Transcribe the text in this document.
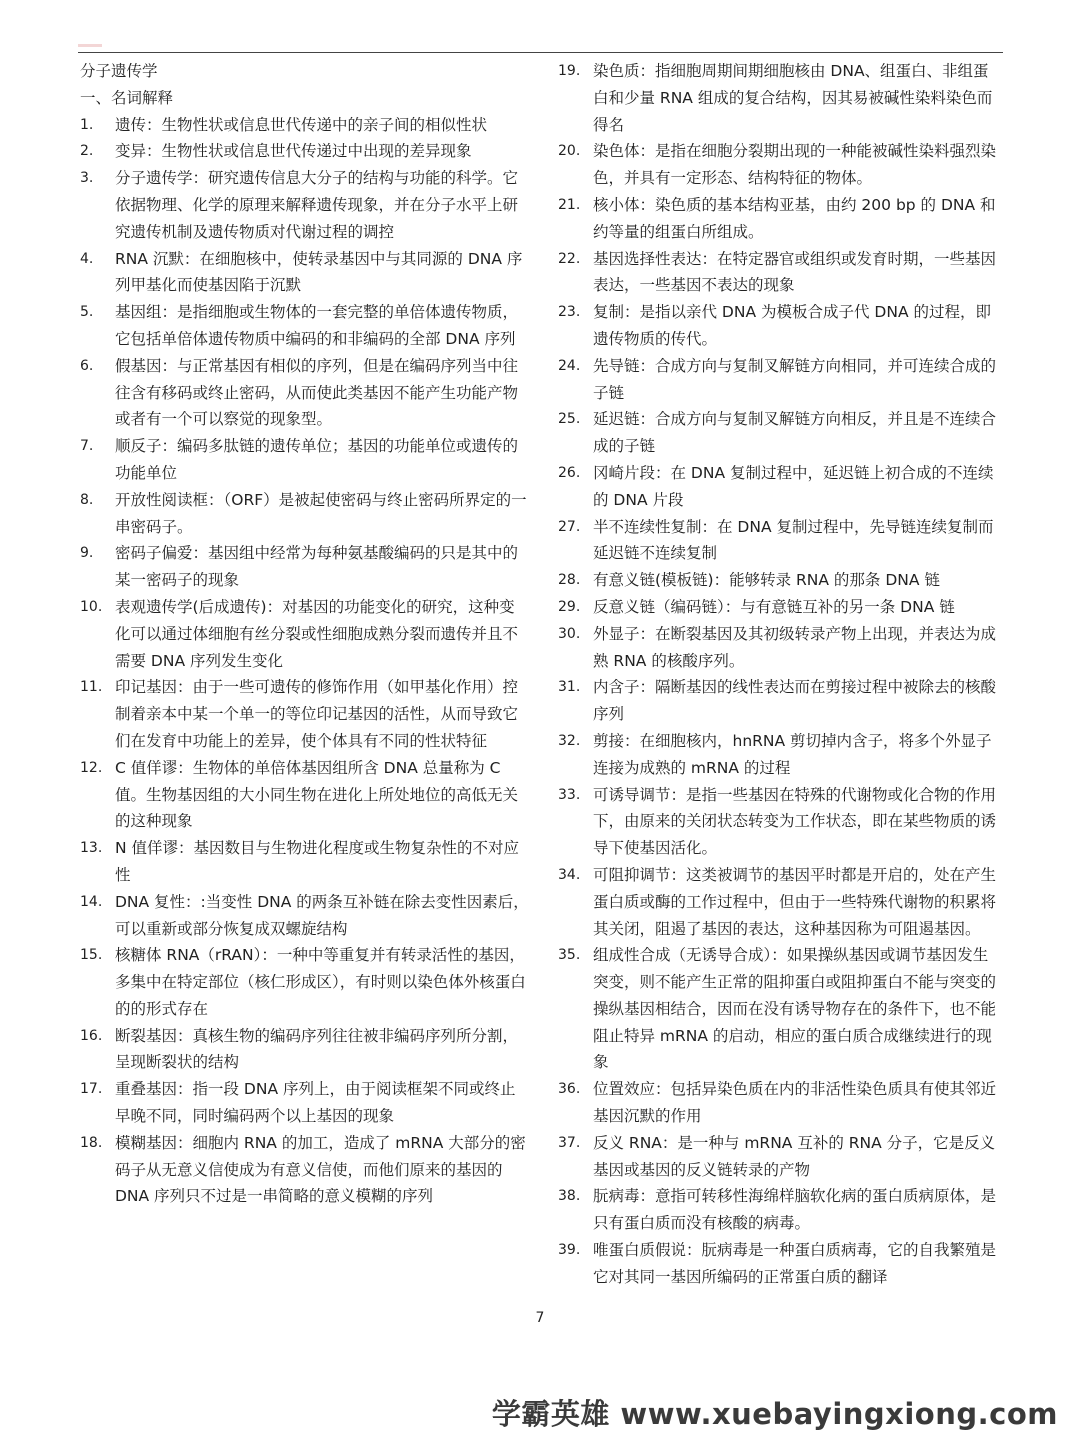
分子遗传学
一、名词解释
1. 遗传：生物性状或信息世代传递中的亲子间的相似性状
2. 变异：生物性状或信息世代传递过中出现的差异现象
3. 分子遗传学：研究遗传信息大分子的结构与功能的科学。它依据物理、化学的原理来解释遗传现象，并在分子水平上研究遗传机制及遗传物质对代谢过程的调控
4. RNA 沉默：在细胞核中，使转录基因中与其同源的 DNA 序列甲基化而使基因陷于沉默
5. 基因组：是指细胞或生物体的一套完整的单倍体遗传物质，它包括单倍体遗传物质中编码的和非编码的全部 DNA 序列
6. 假基因：与正常基因有相似的序列，但是在编码序列当中往往含有移码或终止密码，从而使此类基因不能产生功能产物或者有一个可以察觉的现象型。
7. 顺反子：编码多肽链的遗传单位；基因的功能单位或遗传的功能单位
8. 开放性阅读框：（ORF）是被起使密码与终止密码所界定的一串密码子。
9. 密码子偏爱：基因组中经常为每种氨基酸编码的只是其中的某一密码子的现象
10. 表观遗传学(后成遗传)：对基因的功能变化的研究，这种变化可以通过体细胞有丝分裂或性细胞成熟分裂而遗传并且不需要 DNA 序列发生变化
11. 印记基因：由于一些可遗传的修饰作用（如甲基化作用）控制着亲本中某一个单一的等位印记基因的活性，从而导致它们在发育中功能上的差异，使个体具有不同的性状特征
12. C 值佯谬：生物体的单倍体基因组所含 DNA 总量称为 C 值。生物基因组的大小同生物在进化上所处地位的高低无关的这种现象
13. N 值佯谬：基因数目与生物进化程度或生物复杂性的不对应性
14. DNA 复性：:当变性 DNA 的两条互补链在除去变性因素后，可以重新或部分恢复成双螺旋结构
15. 核糖体 RNA（rRAN）：一种中等重复并有转录活性的基因，多集中在特定部位（核仁形成区），有时则以染色体外核蛋白的的形式存在
16. 断裂基因：真核生物的编码序列往往被非编码序列所分割，呈现断裂状的结构
17. 重叠基因：指一段 DNA 序列上，由于阅读框架不同或终止早晚不同，同时编码两个以上基因的现象
18. 模糊基因：细胞内 RNA 的加工，造成了 mRNA 大部分的密码子从无意义信使成为有意义信使，而他们原来的基因的 DNA 序列只不过是一串简略的意义模糊的序列
19. 染色质：指细胞周期间期细胞核由 DNA、组蛋白、非组蛋白和少量 RNA 组成的复合结构，因其易被碱性染料染色而得名
20. 染色体：是指在细胞分裂期出现的一种能被碱性染料强烈染色，并具有一定形态、结构特征的物体。
21. 核小体：染色质的基本结构亚基，由约 200 bp 的 DNA 和约等量的组蛋白所组成。
22. 基因选择性表达：在特定器官或组织或发育时期，一些基因表达，一些基因不表达的现象
23. 复制：是指以亲代 DNA 为模板合成子代 DNA 的过程，即遗传物质的传代。
24. 先导链：合成方向与复制叉解链方向相同，并可连续合成的子链
25. 延迟链：合成方向与复制叉解链方向相反，并且是不连续合成的子链
26. 冈崎片段：在 DNA 复制过程中，延迟链上初合成的不连续的 DNA 片段
27. 半不连续性复制：在 DNA 复制过程中，先导链连续复制而延迟链不连续复制
28. 有意义链(模板链)：能够转录 RNA 的那条 DNA 链
29. 反意义链（编码链）：与有意链互补的另一条 DNA 链
30. 外显子：在断裂基因及其初级转录产物上出现，并表达为成熟 RNA 的核酸序列。
31. 内含子：隔断基因的线性表达而在剪接过程中被除去的核酸序列
32. 剪接：在细胞核内，hnRNA 剪切掉内含子，将多个外显子连接为成熟的 mRNA 的过程
33. 可诱导调节：是指一些基因在特殊的代谢物或化合物的作用下，由原来的关闭状态转变为工作状态，即在某些物质的诱导下使基因活化。
34. 可阻抑调节：这类被调节的基因平时都是开启的，处在产生蛋白质或酶的工作过程中，但由于一些特殊代谢物的积累将其关闭，阻遏了基因的表达，这种基因称为可阻遏基因。
35. 组成性合成（无诱导合成）：如果操纵基因或调节基因发生突变，则不能产生正常的阻抑蛋白或阻抑蛋白不能与突变的操纵基因相结合，因而在没有诱导物存在的条件下，也不能阻止特异 mRNA 的启动，相应的蛋白质合成继续进行的现象
36. 位置效应：包括异染色质在内的非活性染色质具有使其邻近基因沉默的作用
37. 反义 RNA：是一种与 mRNA 互补的 RNA 分子，它是反义基因或基因的反义链转录的产物
38. 朊病毒：意指可转移性海绵样脑软化病的蛋白质病原体，是只有蛋白质而没有核酸的病毒。
39. 唯蛋白质假说：朊病毒是一种蛋白质病毒，它的自我繁殖是它对其同一基因所编码的正常蛋白质的翻译
7
学霸英雄 www.xuebayingxiong.com
